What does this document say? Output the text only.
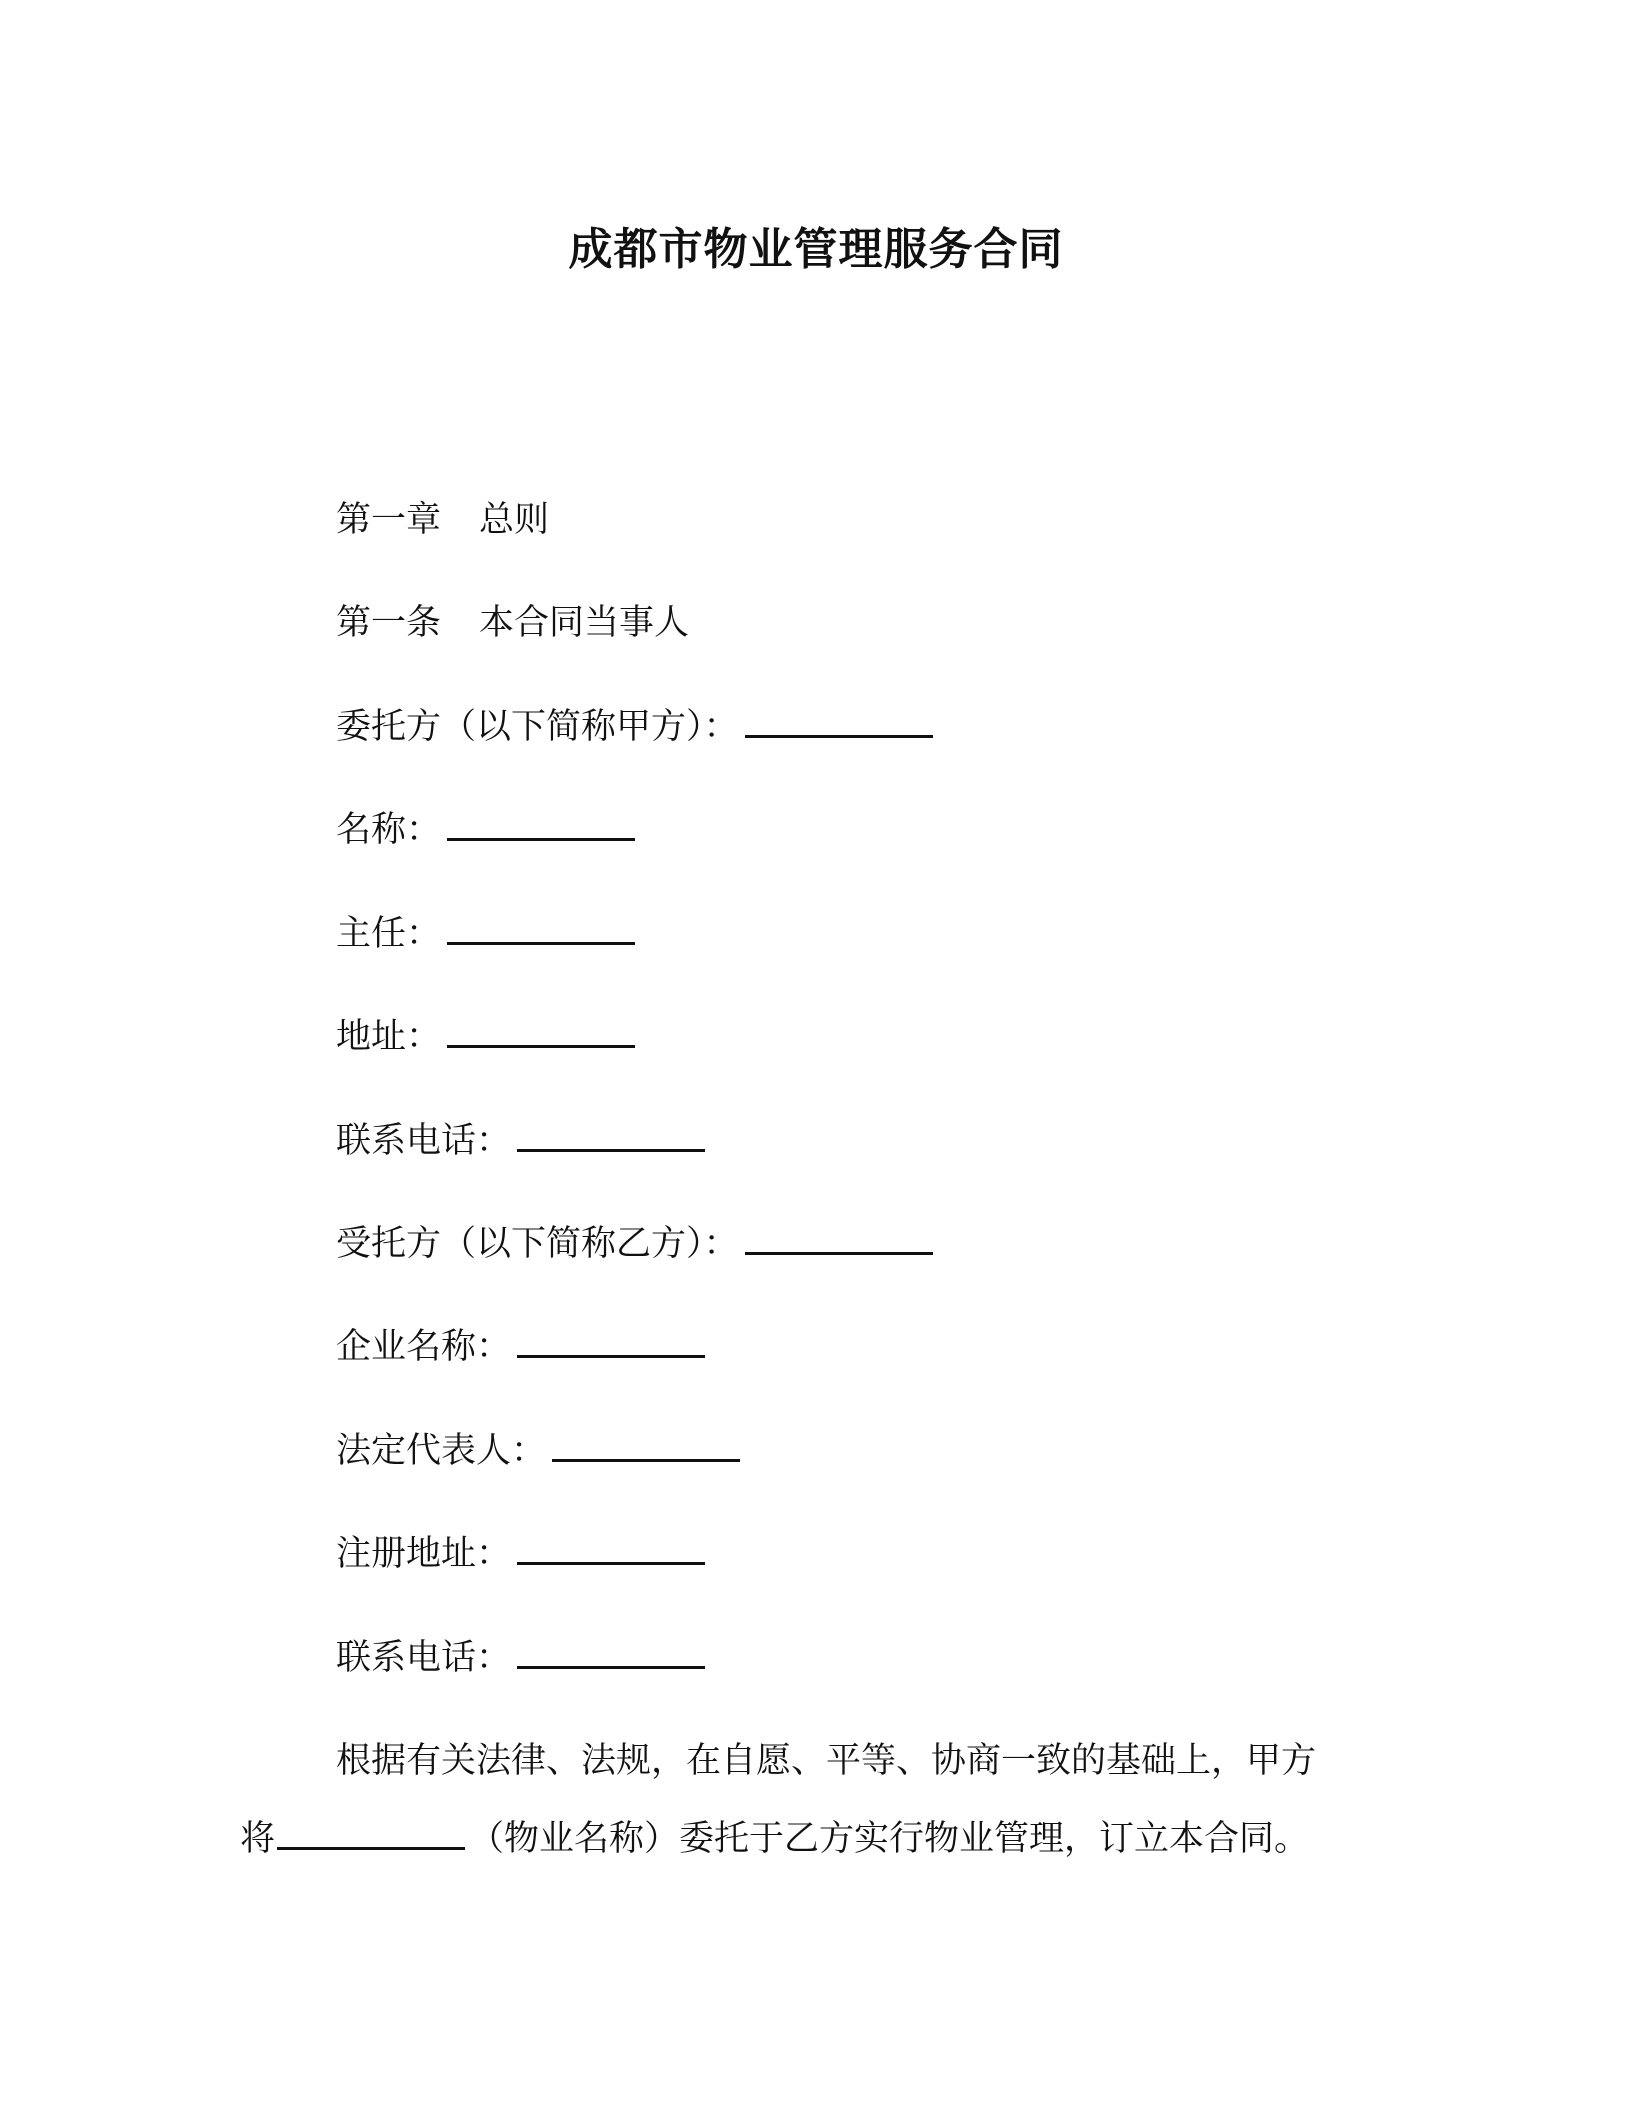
成都市物业管理服务合同
第一章 总则
第一条 本合同当事人
委托方（以下简称甲方）：
名称：
主任：
地址：
联系电话：
受托方（以下简称乙方）：
企业名称：
法定代表人：
注册地址：
联系电话：
根据有关法律、法规，在自愿、平等、协商一致的基础上，甲方
将	（物业名称）委托于乙方实行物业管理，订立本合同。
